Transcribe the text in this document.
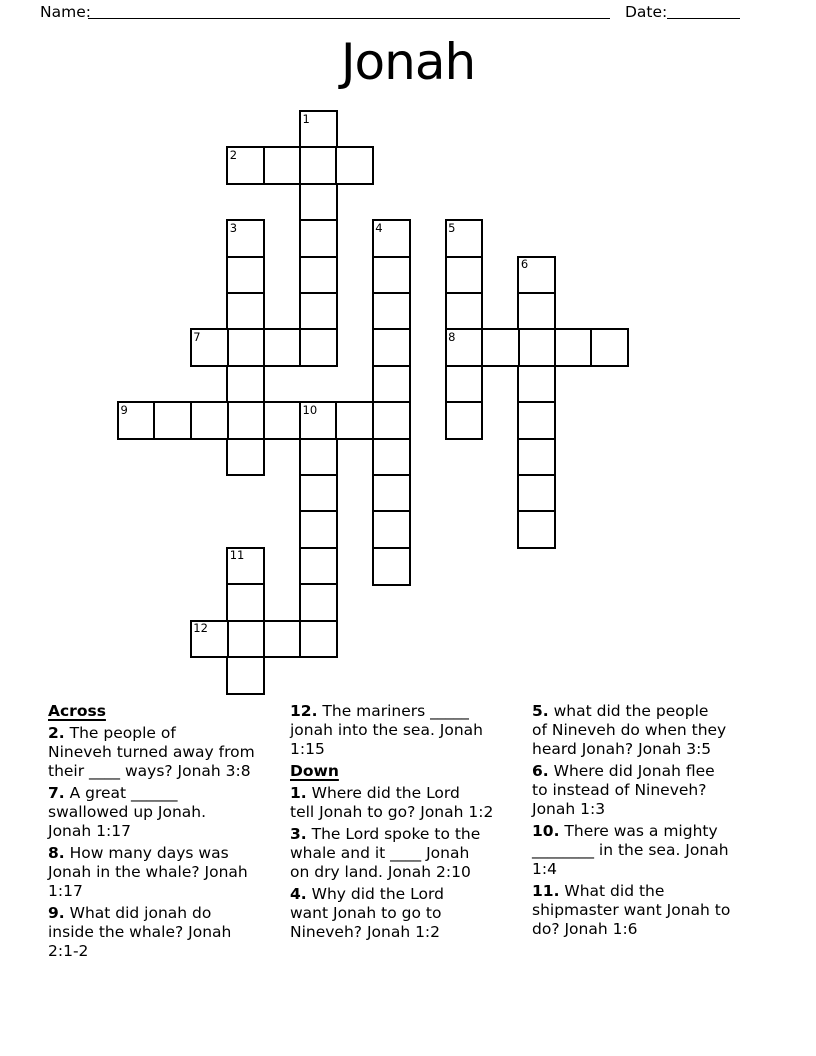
Name:	Date:
Jonah
1
2
3	4	5
8
6
7
9	10
11
12
Across
2. The people of
Nineveh turned away from
their ____ ways? Jonah 3:8
7. A great ______
swallowed up Jonah.
Jonah 1:17
8. How many days was
Jonah in the whale? Jonah
1:17
9. What did jonah do
inside the whale? Jonah
2:1-2
12. The mariners _____
jonah into the sea. Jonah
1:15
Down
1. Where did the Lord
tell Jonah to go? Jonah 1:2
3. The Lord spoke to the
whale and it ____ Jonah
on dry land. Jonah 2:10
4. Why did the Lord
want Jonah to go to
Nineveh? Jonah 1:2
5. what did the people
of Nineveh do when they
heard Jonah? Jonah 3:5
6. Where did Jonah flee
to instead of Nineveh?
Jonah 1:3
10. There was a mighty
________ in the sea. Jonah
1:4
11. What did the
shipmaster want Jonah to
do? Jonah 1:6
